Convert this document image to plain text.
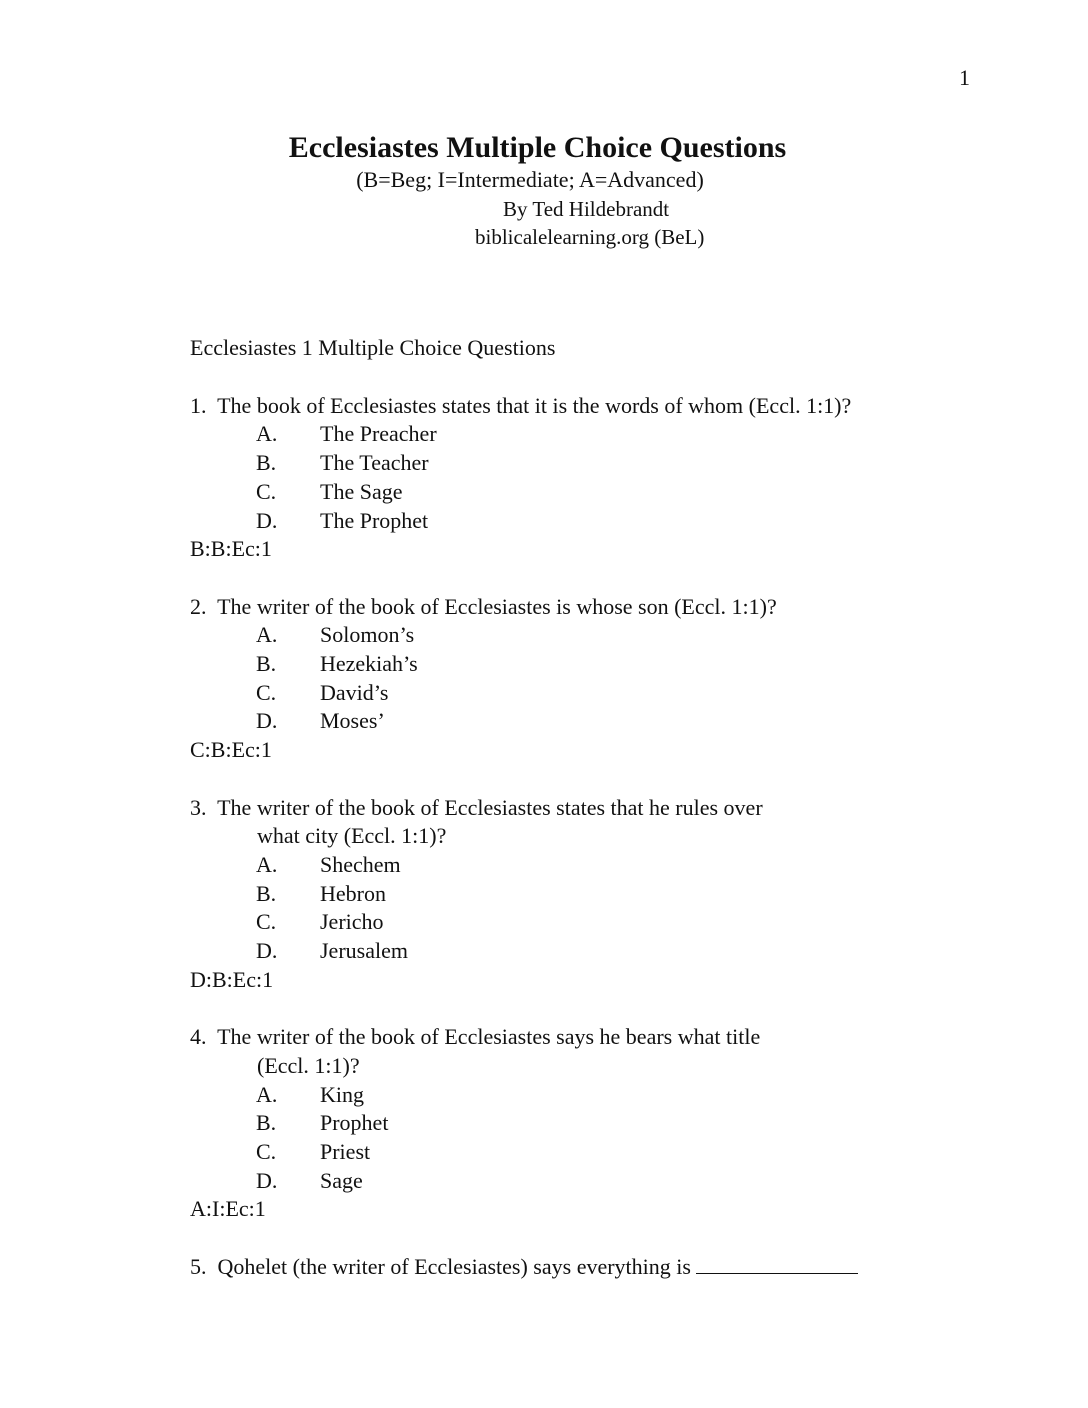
1
Ecclesiastes Multiple Choice Questions
(B=Beg; I=Intermediate; A=Advanced)
By Ted Hildebrandt
biblicalelearning.org (BeL)
Ecclesiastes 1 Multiple Choice Questions
1. The book of Ecclesiastes states that it is the words of whom (Eccl. 1:1)?
A.	The Preacher
B.	The Teacher
C.	The Sage
D.	The Prophet
B:B:Ec:1
2. The writer of the book of Ecclesiastes is whose son (Eccl. 1:1)?
A.	Solomon’s
B.	Hezekiah’s
C.	David’s
D.	Moses’
C:B:Ec:1
3. The writer of the book of Ecclesiastes states that he rules over
what city (Eccl. 1:1)?
A.	Shechem
B.	Hebron
C.	Jericho
D.	Jerusalem
D:B:Ec:1
4. The writer of the book of Ecclesiastes says he bears what title
(Eccl. 1:1)?
A.	King
B.	Prophet
C.	Priest
D.	Sage
A:I:Ec:1
5. Qohelet (the writer of Ecclesiastes) says everything is
